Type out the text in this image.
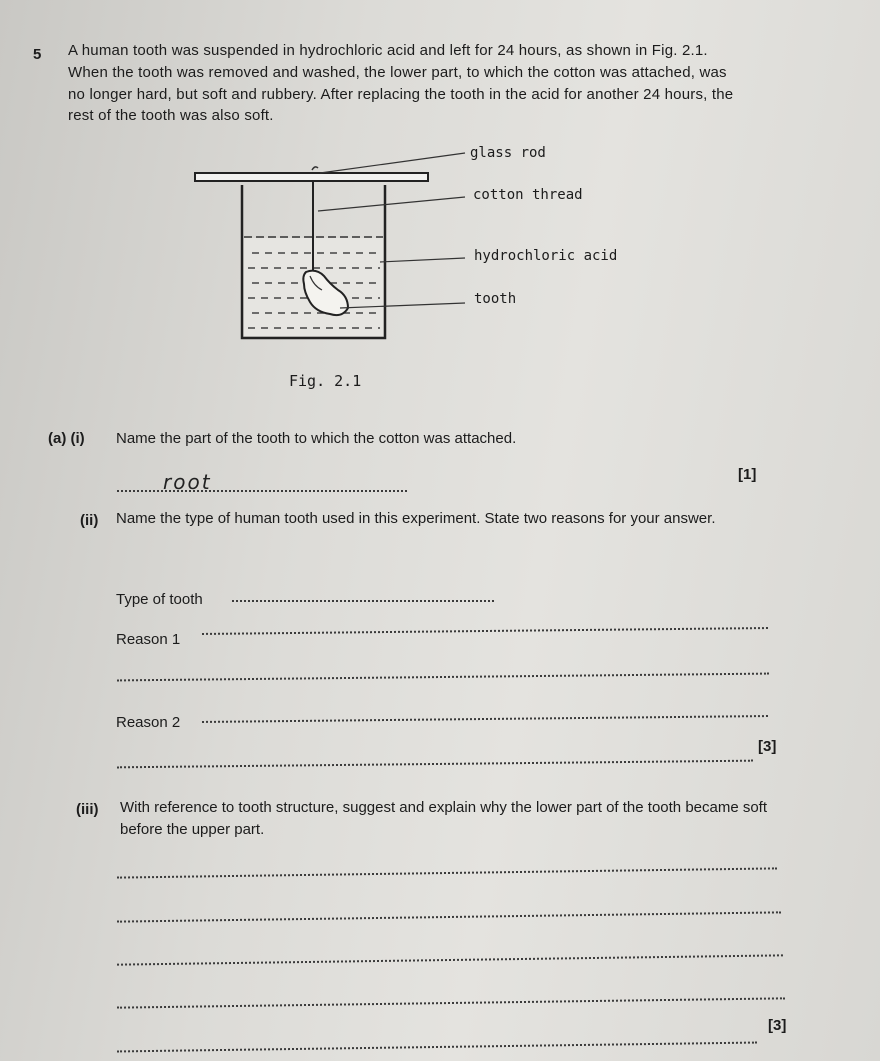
5 A human tooth was suspended in hydrochloric acid and left for 24 hours, as shown in Fig. 2.1. When the tooth was removed and washed, the lower part, to which the cotton was attached, was no longer hard, but soft and rubbery. After replacing the tooth in the acid for another 24 hours, the rest of the tooth was also soft.
glass rod
cotton thread
hydrochloric acid
tooth
Fig. 2.1
(a) (i) Name the part of the tooth to which the cotton was attached.
root	[1]
(ii) Name the type of human tooth used in this experiment. State two reasons for your answer.
Type of tooth
Reason 1
Reason 2
[3]
(iii) With reference to tooth structure, suggest and explain why the lower part of the tooth became soft before the upper part.
[3]
